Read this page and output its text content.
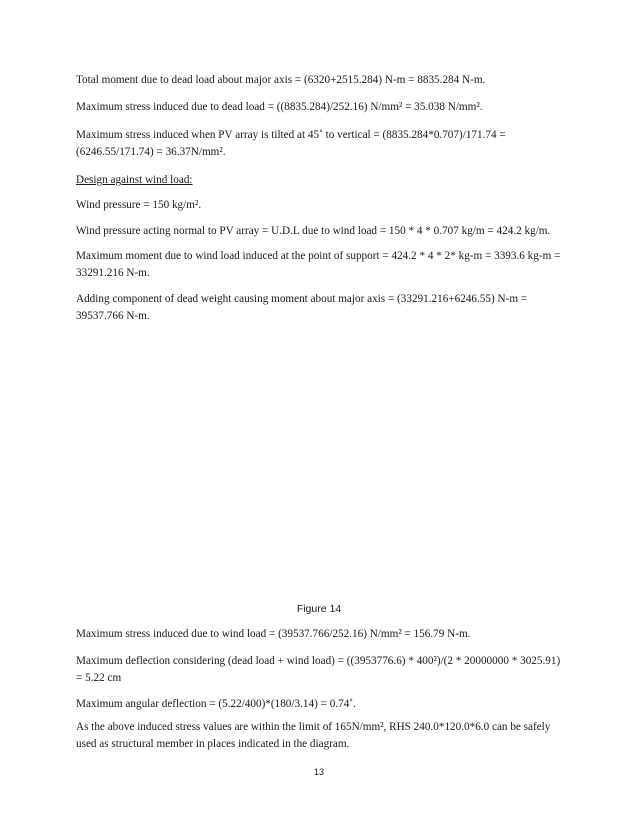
Total moment due to dead load about major axis = (6320+2515.284) N-m = 8835.284 N-m.

Maximum stress induced due to dead load = ((8835.284)/252.16) N/mm² = 35.038 N/mm².

Maximum stress induced when PV array is tilted at 45˚ to vertical = (8835.284*0.707)/171.74 = (6246.55/171.74) = 36.37N/mm².

Design against wind load:

Wind pressure = 150 kg/m².

Wind pressure acting normal to PV array = U.D.L due to wind load = 150 * 4 * 0.707 kg/m = 424.2 kg/m.

Maximum moment due to wind load induced at the point of support = 424.2 * 4 * 2* kg-m = 3393.6 kg-m = 33291.216 N-m.

Adding component of dead weight causing moment about major axis = (33291.216+6246.55) N-m = 39537.766 N-m.

Figure 14

Maximum stress induced due to wind load = (39537.766/252.16) N/mm² = 156.79 N-m.

Maximum deflection considering (dead load + wind load) = ((3953776.6) * 400²)/(2 * 20000000 * 3025.91) = 5.22 cm

Maximum angular deflection = (5.22/400)*(180/3.14) = 0.74˚.

As the above induced stress values are within the limit of 165N/mm², RHS 240.0*120.0*6.0 can be safely used as structural member in places indicated in the diagram.

13
